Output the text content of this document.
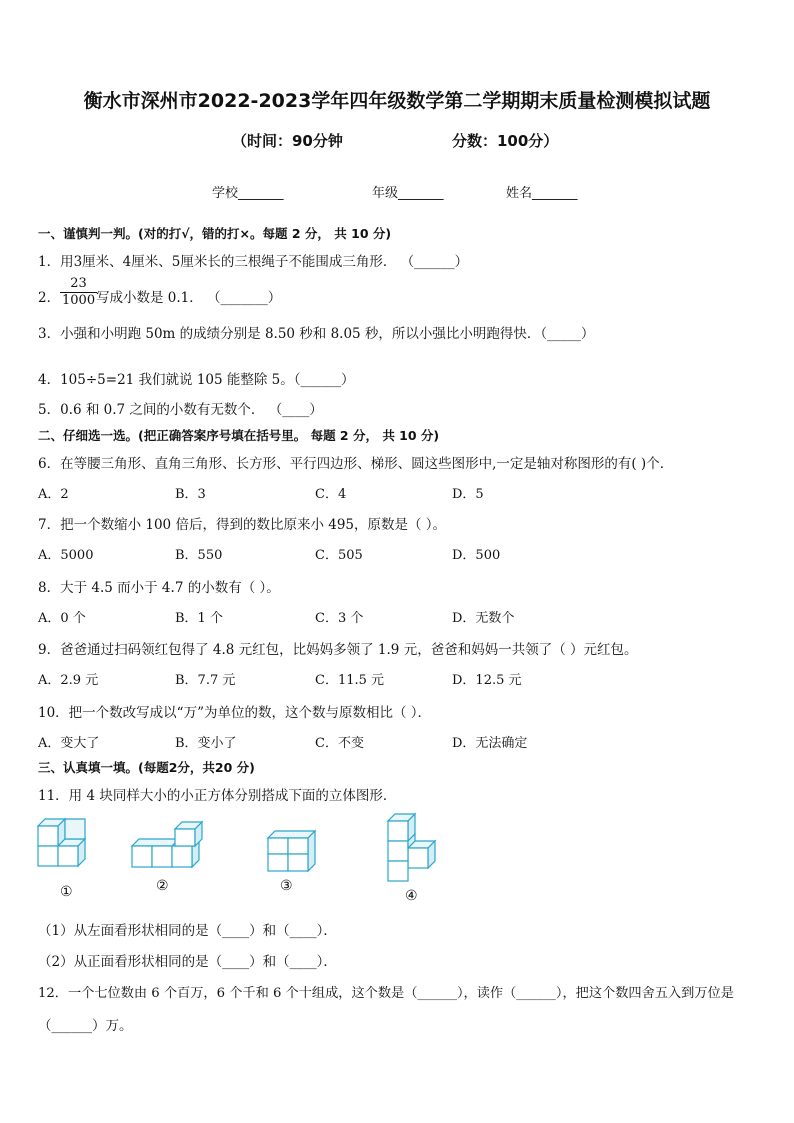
衡水市深州市2022-2023学年四年级数学第二学期期末质量检测模拟试题
（时间：90分钟	分数：100分）
学校_______	年级_______	姓名_______
一、谨慎判一判。(对的打√，错的打×。每题 2 分， 共 10 分)
1．用3厘米、4厘米、5厘米长的三根绳子不能围成三角形． （______）
2． $\frac{23}{1000}$
写成小数是 0.1． （_______）
3．小强和小明跑 50m 的成绩分别是 8.50 秒和 8.05 秒，所以小强比小明跑得快．（_____）
4．105÷5=21 我们就说 105 能整除 5。（______）
5．0.6 和 0.7 之间的小数有无数个． （____）
二、仔细选一选。(把正确答案序号填在括号里。 每题 2 分， 共 10 分)
6．在等腰三角形、直角三角形、长方形、平行四边形、梯形、圆这些图形中,一定是轴对称图形的有( )个．
A．2	B．3	C．4	D．5
7．把一个数缩小 100 倍后，得到的数比原来小 495，原数是（ ）。
A．5000	B．550	C．505	D．500
8．大于 4.5 而小于 4.7 的小数有（ ）。
A．0 个	B．1 个	C．3 个	D．无数个
9．爸爸通过扫码领红包得了 4.8 元红包，比妈妈多领了 1.9 元，爸爸和妈妈一共领了（ ）元红包。
A．2.9 元	B．7.7 元	C．11.5 元	D．12.5 元
10．把一个数改写成以“万”为单位的数，这个数与原数相比（ ）．
A．变大了	B．变小了	C．不变	D．无法确定
三、认真填一填。(每题2分，共20 分)
11．用 4 块同样大小的小正方体分别搭成下面的立体图形．
①	②	③
④
（1）从左面看形状相同的是（____）和（____）．
（2）从正面看形状相同的是（____）和（____）．
12．一个七位数由 6 个百万，6 个千和 6 个十组成，这个数是（______），读作（______），把这个数四舍五入到万位是
（______）万。
